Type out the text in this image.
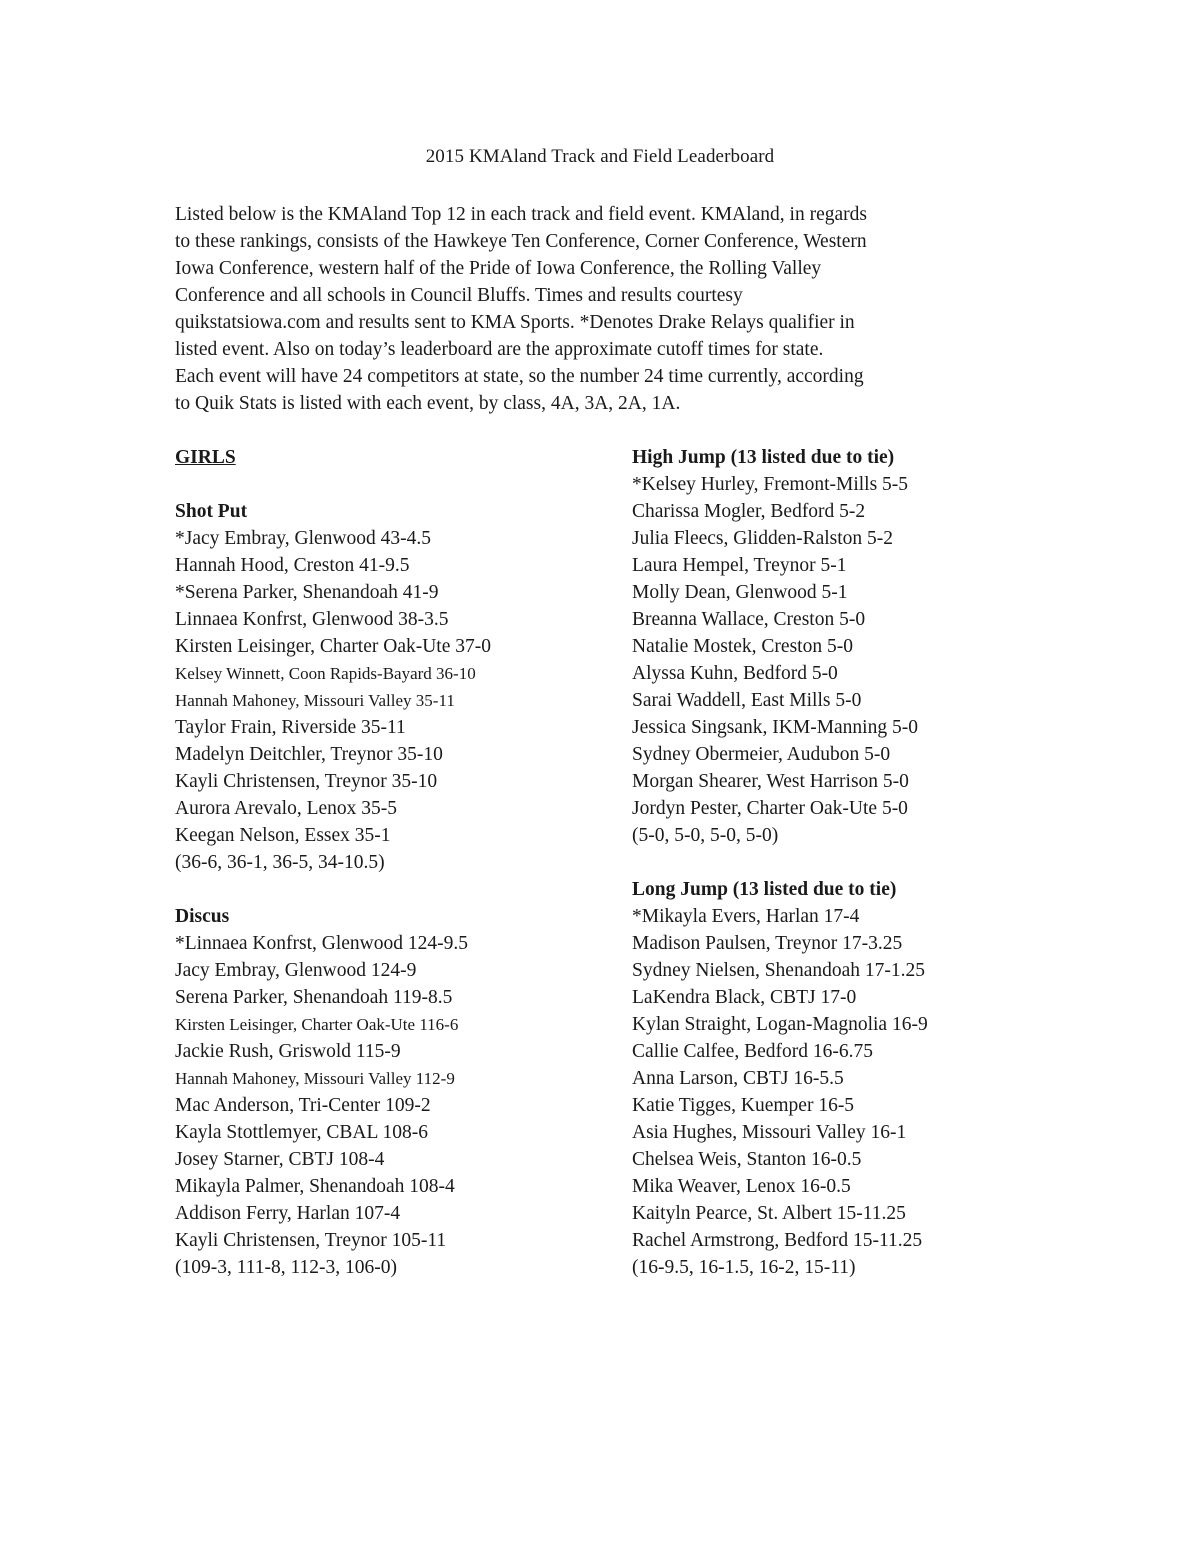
2015 KMAland Track and Field Leaderboard
Listed below is the KMAland Top 12 in each track and field event. KMAland, in regards
to these rankings, consists of the Hawkeye Ten Conference, Corner Conference, Western
Iowa Conference, western half of the Pride of Iowa Conference, the Rolling Valley
Conference and all schools in Council Bluffs. Times and results courtesy
quikstatsiowa.com and results sent to KMA Sports. *Denotes Drake Relays qualifier in
listed event. Also on today’s leaderboard are the approximate cutoff times for state.
Each event will have 24 competitors at state, so the number 24 time currently, according
to Quik Stats is listed with each event, by class, 4A, 3A, 2A, 1A.
GIRLS
Shot Put
*Jacy Embray, Glenwood 43-4.5
Hannah Hood, Creston 41-9.5
*Serena Parker, Shenandoah 41-9
Linnaea Konfrst, Glenwood 38-3.5
Kirsten Leisinger, Charter Oak-Ute 37-0
Kelsey Winnett, Coon Rapids-Bayard 36-10
Hannah Mahoney, Missouri Valley 35-11
Taylor Frain, Riverside 35-11
Madelyn Deitchler, Treynor 35-10
Kayli Christensen, Treynor 35-10
Aurora Arevalo, Lenox 35-5
Keegan Nelson, Essex 35-1
(36-6, 36-1, 36-5, 34-10.5)
Discus
*Linnaea Konfrst, Glenwood 124-9.5
Jacy Embray, Glenwood 124-9
Serena Parker, Shenandoah 119-8.5
Kirsten Leisinger, Charter Oak-Ute 116-6
Jackie Rush, Griswold 115-9
Hannah Mahoney, Missouri Valley 112-9
Mac Anderson, Tri-Center 109-2
Kayla Stottlemyer, CBAL 108-6
Josey Starner, CBTJ 108-4
Mikayla Palmer, Shenandoah 108-4
Addison Ferry, Harlan 107-4
Kayli Christensen, Treynor 105-11
(109-3, 111-8, 112-3, 106-0)
High Jump (13 listed due to tie)
*Kelsey Hurley, Fremont-Mills 5-5
Charissa Mogler, Bedford 5-2
Julia Fleecs, Glidden-Ralston 5-2
Laura Hempel, Treynor 5-1
Molly Dean, Glenwood 5-1
Breanna Wallace, Creston 5-0
Natalie Mostek, Creston 5-0
Alyssa Kuhn, Bedford 5-0
Sarai Waddell, East Mills 5-0
Jessica Singsank, IKM-Manning 5-0
Sydney Obermeier, Audubon 5-0
Morgan Shearer, West Harrison 5-0
Jordyn Pester, Charter Oak-Ute 5-0
(5-0, 5-0, 5-0, 5-0)
Long Jump (13 listed due to tie)
*Mikayla Evers, Harlan 17-4
Madison Paulsen, Treynor 17-3.25
Sydney Nielsen, Shenandoah 17-1.25
LaKendra Black, CBTJ 17-0
Kylan Straight, Logan-Magnolia 16-9
Callie Calfee, Bedford 16-6.75
Anna Larson, CBTJ 16-5.5
Katie Tigges, Kuemper 16-5
Asia Hughes, Missouri Valley 16-1
Chelsea Weis, Stanton 16-0.5
Mika Weaver, Lenox 16-0.5
Kaityln Pearce, St. Albert 15-11.25
Rachel Armstrong, Bedford 15-11.25
(16-9.5, 16-1.5, 16-2, 15-11)
